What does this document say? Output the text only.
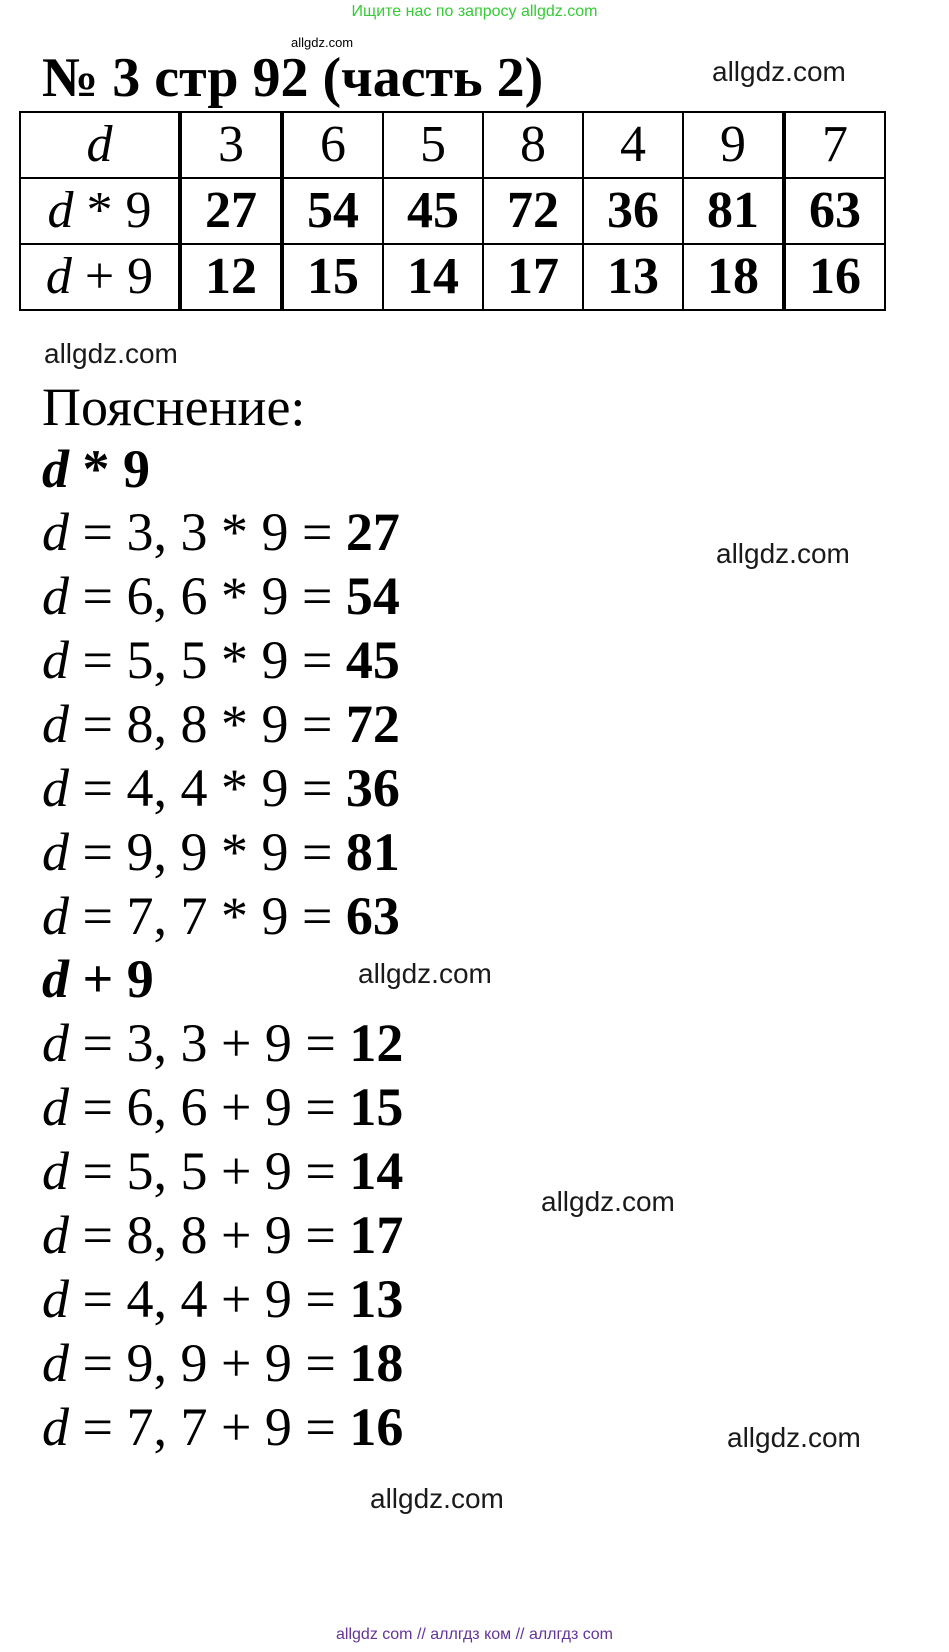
Ищите нас по запросу allgdz.com
allgdz.com
№ 3 стр 92 (часть 2)	allgdz.com
d	3	6	5	8	4	9	7
d * 9	27	54	45	72	36	81	63
d + 9	12	15	14	17	13	18	16
allgdz.com
Пояснение:
d * 9
d = 3, 3 * 9 = 27
d = 6, 6 * 9 = 54
d = 5, 5 * 9 = 45
d = 8, 8 * 9 = 72
d = 4, 4 * 9 = 36
d = 9, 9 * 9 = 81
d = 7, 7 * 9 = 63
allgdz.com
d + 9	allgdz.com
d = 3, 3 + 9 = 12
d = 6, 6 + 9 = 15
d = 5, 5 + 9 = 14
d = 8, 8 + 9 = 17
d = 4, 4 + 9 = 13
d = 9, 9 + 9 = 18
d = 7, 7 + 9 = 16
allgdz.com
allgdz.com
allgdz.com
allgdz com // аллгдз ком // аллгдз com
